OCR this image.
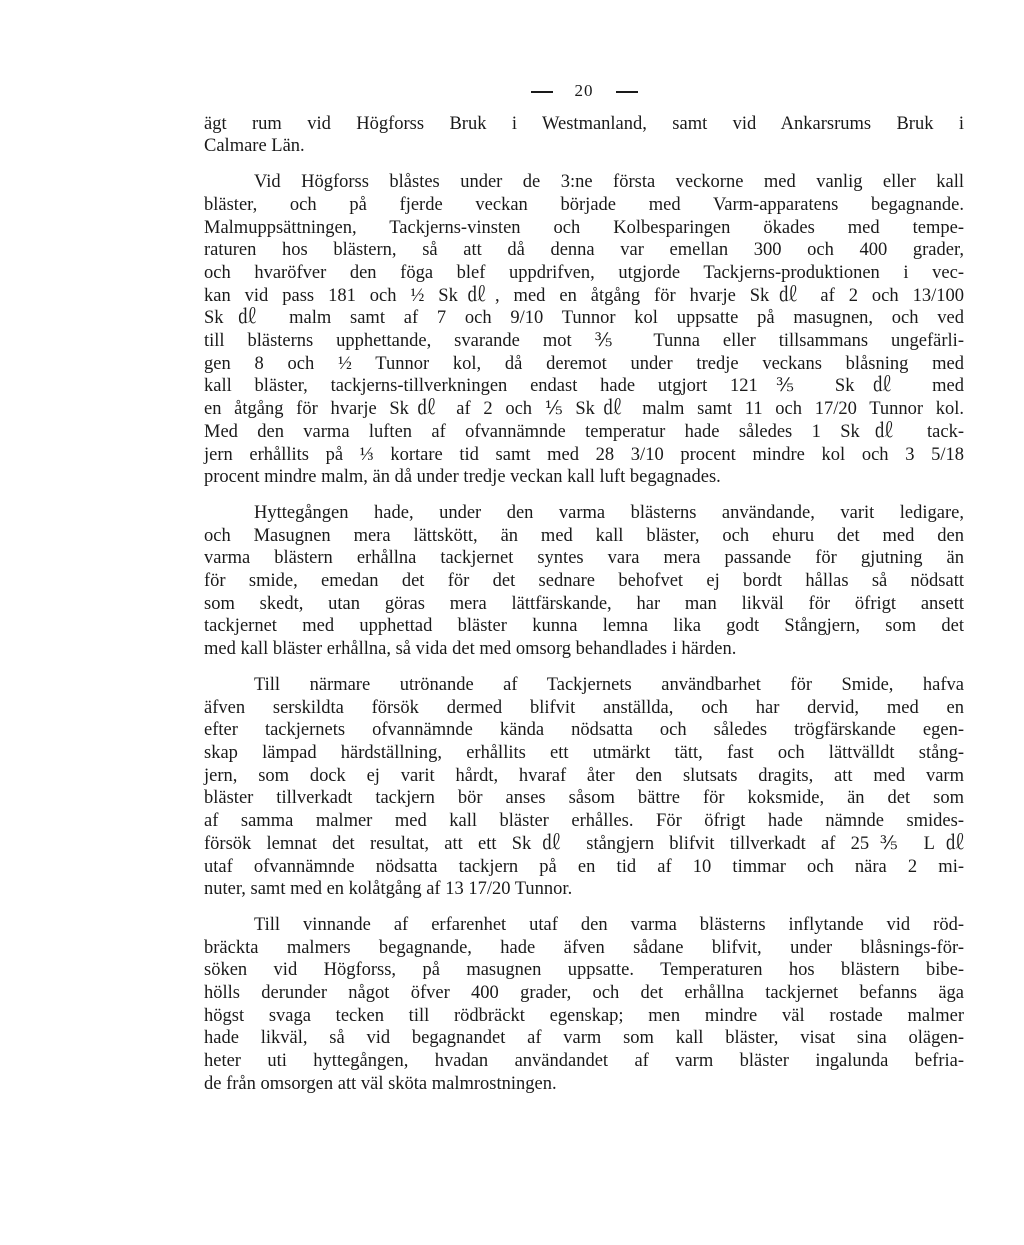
20
ägt rum vid Högforss Bruk i Westmanland, samt vid Ankarsrums Bruk i
Calmare Län.
Vid Högforss blåstes under de 3:ne första veckorne med vanlig eller kall
bläster, och på fjerde veckan började med Varm-apparatens begagnande.
Malmuppsättningen, Tackjerns-vinsten och Kolbesparingen ökades med tempe-
raturen hos blästern, så att då denna var emellan 300 och 400 grader,
och hvaröfver den föga blef uppdrifven, utgjorde Tackjerns-produktionen i vec-
kan vid pass 181 och ½ Sk㎗, med en åtgång för hvarje Sk㎗ af 2 och 13/100
Sk㎗ malm samt af 7 och 9/10 Tunnor kol uppsatte på masugnen, och ved
till blästerns upphettande, svarande mot ⅗ Tunna eller tillsammans ungefärli-
gen 8 och ½ Tunnor kol, då deremot under tredje veckans blåsning med
kall bläster, tackjerns-tillverkningen endast hade utgjort 121⅗ Sk㎗ med
en åtgång för hvarje Sk㎗ af 2 och ⅕ Sk㎗ malm samt 11 och 17/20 Tunnor kol.
Med den varma luften af ofvannämnde temperatur hade således 1 Sk㎗ tack-
jern erhållits på ⅓ kortare tid samt med 28 3/10 procent mindre kol och 3 5/18
procent mindre malm, än då under tredje veckan kall luft begagnades.
Hyttegången hade, under den varma blästerns användande, varit ledigare,
och Masugnen mera lättskött, än med kall bläster, och ehuru det med den
varma blästern erhållna tackjernet syntes vara mera passande för gjutning än
för smide, emedan det för det sednare behofvet ej bordt hållas så nödsatt
som skedt, utan göras mera lättfärskande, har man likväl för öfrigt ansett
tackjernet med upphettad bläster kunna lemna lika godt Stångjern, som det
med kall bläster erhållna, så vida det med omsorg behandlades i härden.
Till närmare utrönande af Tackjernets användbarhet för Smide, hafva
äfven serskildta försök dermed blifvit anställda, och har dervid, med en
efter tackjernets ofvannämnde kända nödsatta och således trögfärskande egen-
skap lämpad härdställning, erhållits ett utmärkt tätt, fast och lättvälldt stång-
jern, som dock ej varit hårdt, hvaraf åter den slutsats dragits, att med varm
bläster tillverkadt tackjern bör anses såsom bättre för koksmide, än det som
af samma malmer med kall bläster erhålles. För öfrigt hade nämnde smides-
försök lemnat det resultat, att ett Sk㎗ stångjern blifvit tillverkadt af 25⅗ L㎗
utaf ofvannämnde nödsatta tackjern på en tid af 10 timmar och nära 2 mi-
nuter, samt med en kolåtgång af 13 17/20 Tunnor.
Till vinnande af erfarenhet utaf den varma blästerns inflytande vid röd-
bräckta malmers begagnande, hade äfven sådane blifvit, under blåsnings-för-
söken vid Högforss, på masugnen uppsatte. Temperaturen hos blästern bibe-
hölls derunder något öfver 400 grader, och det erhållna tackjernet befanns äga
högst svaga tecken till rödbräckt egenskap; men mindre väl rostade malmer
hade likväl, så vid begagnandet af varm som kall bläster, visat sina olägen-
heter uti hyttegången, hvadan användandet af varm bläster ingalunda befria-
de från omsorgen att väl sköta malmrostningen.
